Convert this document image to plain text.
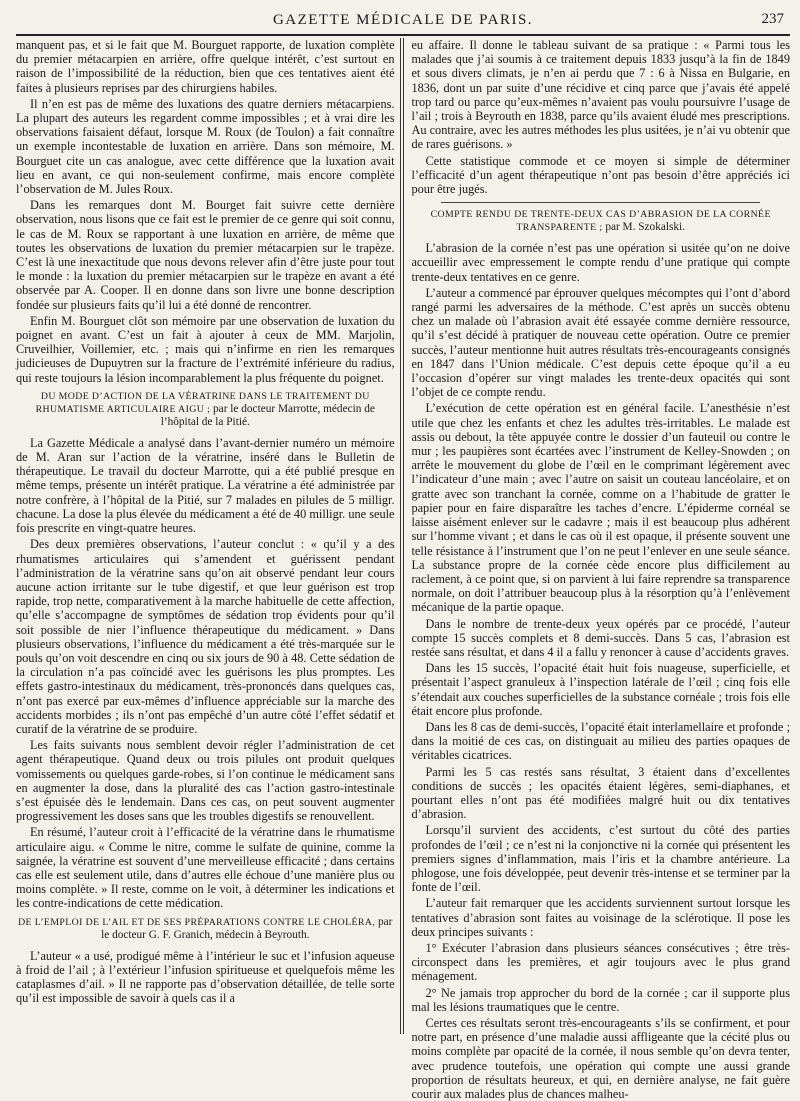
GAZETTE MÉDICALE DE PARIS.	237

manquent pas, et si le fait que M. Bourguet rapporte, de luxation complète du premier métacarpien en arrière, offre quelque intérêt, c’est surtout en raison de l’impossibilité de la réduction, bien que ces tentatives aient été faites à plusieurs reprises par des chirurgiens habiles.

Il n’en est pas de même des luxations des quatre derniers métacarpiens. La plupart des auteurs les regardent comme impossibles ; et à vrai dire les observations faisaient défaut, lorsque M. Roux (de Toulon) a fait connaître un exemple incontestable de luxation en arrière. Dans son mémoire, M. Bourguet cite un cas analogue, avec cette différence que la luxation avait lieu en avant, ce qui non-seulement confirme, mais encore complète l’observation de M. Jules Roux.

Dans les remarques dont M. Bourget fait suivre cette dernière observation, nous lisons que ce fait est le premier de ce genre qui soit connu, le cas de M. Roux se rapportant à une luxation en arrière, de même que toutes les observations de luxation du premier métacarpien sur le trapèze. C’est là une inexactitude que nous devons relever afin d’être juste pour tout le monde : la luxation du premier métacarpien sur le trapèze en avant a été observée par A. Cooper. Il en donne dans son livre une bonne description fondée sur plusieurs faits qu’il lui a été donné de rencontrer.

Enfin M. Bourguet clôt son mémoire par une observation de luxation du poignet en avant. C’est un fait à ajouter à ceux de MM. Marjolin, Cruveilhier, Voillemier, etc. ; mais qui n’infirme en rien les remarques judicieuses de Dupuytren sur la fracture de l’extrémité inférieure du radius, qui reste toujours la lésion incomparablement la plus fréquente du poignet.

DU MODE D’ACTION DE LA VÉRATRINE DANS LE TRAITEMENT DU RHUMATISME ARTICULAIRE AIGU ; par le docteur Marrotte, médecin de l’hôpital de la Pitié.

La Gazette Médicale a analysé dans l’avant-dernier numéro un mémoire de M. Aran sur l’action de la vératrine, inséré dans le Bulletin de thérapeutique. Le travail du docteur Marrotte, qui a été publié presque en même temps, présente un intérêt pratique. La vératrine a été administrée par notre confrère, à l’hôpital de la Pitié, sur 7 malades en pilules de 5 milligr. chacune. La dose la plus élevée du médicament a été de 40 milligr. une seule fois prescrite en vingt-quatre heures.

Des deux premières observations, l’auteur conclut : « qu’il y a des rhumatismes articulaires qui s’amendent et guérissent pendant l’administration de la vératrine sans qu’on ait observé pendant leur cours aucune action irritante sur le tube digestif, et que leur guérison est trop rapide, trop nette, comparativement à la marche habituelle de cette affection, qu’elle s’accompagne de symptômes de sédation trop évidents pour qu’il soit possible de nier l’influence thérapeutique du médicament. » Dans plusieurs observations, l’influence du médicament a été très-marquée sur le pouls qu’on voit descendre en cinq ou six jours de 90 à 48. Cette sédation de la circulation n’a pas coïncidé avec les guérisons les plus promptes. Les effets gastro-intestinaux du médicament, très-prononcés dans quelques cas, n’ont pas exercé par eux-mêmes d’influence appréciable sur la marche des accidents morbides ; ils n’ont pas empêché d’un autre côté l’effet sédatif et curatif de la vératrine de se produire.

Les faits suivants nous semblent devoir régler l’administration de cet agent thérapeutique. Quand deux ou trois pilules ont produit quelques vomissements ou quelques garde-robes, si l’on continue le médicament sans en augmenter la dose, dans la pluralité des cas l’action gastro-intestinale s’est épuisée dès le lendemain. Dans ces cas, on peut souvent augmenter progressivement les doses sans que les troubles digestifs se renouvellent.

En résumé, l’auteur croit à l’efficacité de la vératrine dans le rhumatisme articulaire aigu. « Comme le nitre, comme le sulfate de quinine, comme la saignée, la vératrine est souvent d’une merveilleuse efficacité ; dans certains cas elle est seulement utile, dans d’autres elle échoue d’une manière plus ou moins complète. » Il reste, comme on le voit, à déterminer les indications et les contre-indications de cette médication.

DE L’EMPLOI DE L’AIL ET DE SES PRÉPARATIONS CONTRE LE CHOLÉRA, par le docteur G. F. Granich, médecin à Beyrouth.

L’auteur « a usé, prodigué même à l’intérieur le suc et l’infusion aqueuse à froid de l’ail ; à l’extérieur l’infusion spiritueuse et quelquefois même les cataplasmes d’ail. » Il ne rapporte pas d’observation détaillée, de telle sorte qu’il est impossible de savoir à quels cas il a

eu affaire. Il donne le tableau suivant de sa pratique : « Parmi tous les malades que j’ai soumis à ce traitement depuis 1833 jusqu’à la fin de 1849 et sous divers climats, je n’en ai perdu que 7 : 6 à Nissa en Bulgarie, en 1836, dont un par suite d’une récidive et cinq parce que j’avais été appelé trop tard ou parce qu’eux-mêmes n’avaient pas voulu poursuivre l’usage de l’ail ; trois à Beyrouth en 1838, parce qu’ils avaient éludé mes prescriptions. Au contraire, avec les autres méthodes les plus usitées, je n’ai vu obtenir que de rares guérisons. »

Cette statistique commode et ce moyen si simple de déterminer l’efficacité d’un agent thérapeutique n’ont pas besoin d’être appréciés ici pour être jugés.

COMPTE RENDU DE TRENTE-DEUX CAS D’ABRASION DE LA CORNÉE TRANSPARENTE ; par M. Szokalski.

L’abrasion de la cornée n’est pas une opération si usitée qu’on ne doive accueillir avec empressement le compte rendu d’une pratique qui compte trente-deux tentatives en ce genre.

L’auteur a commencé par éprouver quelques mécomptes qui l’ont d’abord rangé parmi les adversaires de la méthode. C’est après un succès obtenu chez un malade où l’abrasion avait été essayée comme dernière ressource, qu’il s’est décidé à pratiquer de nouveau cette opération. Outre ce premier succès, l’auteur mentionne huit autres résultats très-encourageants consignés en 1847 dans l’Union médicale. C’est depuis cette époque qu’il a eu l’occasion d’opérer sur vingt malades les trente-deux opacités qui sont l’objet de ce compte rendu.

L’exécution de cette opération est en général facile. L’anesthésie n’est utile que chez les enfants et chez les adultes très-irritables. Le malade est assis ou debout, la tête appuyée contre le dossier d’un fauteuil ou contre le mur ; les paupières sont écartées avec l’instrument de Kelley-Snowden ; on arrête le mouvement du globe de l’œil en le comprimant légèrement avec l’indicateur d’une main ; avec l’autre on saisit un couteau lancéolaire, et on gratte avec son tranchant la cornée, comme on a l’habitude de gratter le papier pour en faire disparaître les taches d’encre. L’épiderme cornéal se laisse aisément enlever sur le cadavre ; mais il est beaucoup plus adhérent sur l’homme vivant ; et dans le cas où il est opaque, il présente souvent une telle résistance à l’instrument que l’on ne peut l’enlever en une seule séance. La substance propre de la cornée cède encore plus difficilement au raclement, à ce point que, si on parvient à lui faire reprendre sa transparence normale, on doit l’attribuer beaucoup plus à la résorption qu’à l’enlèvement mécanique de la partie opaque.

Dans le nombre de trente-deux yeux opérés par ce procédé, l’auteur compte 15 succès complets et 8 demi-succès. Dans 5 cas, l’abrasion est restée sans résultat, et dans 4 il a fallu y renoncer à cause d’accidents graves.

Dans les 15 succès, l’opacité était huit fois nuageuse, superficielle, et présentait l’aspect granuleux à l’inspection latérale de l’œil ; cinq fois elle s’étendait aux couches superficielles de la substance cornéale ; trois fois elle était encore plus profonde.

Dans les 8 cas de demi-succès, l’opacité était interlamellaire et profonde ; dans la moitié de ces cas, on distinguait au milieu des parties opaques de véritables cicatrices.

Parmi les 5 cas restés sans résultat, 3 étaient dans d’excellentes conditions de succès ; les opacités étaient légères, semi-diaphanes, et pourtant elles n’ont pas été modifiées malgré huit ou dix tentatives d’abrasion.

Lorsqu’il survient des accidents, c’est surtout du côté des parties profondes de l’œil ; ce n’est ni la conjonctive ni la cornée qui présentent les premiers signes d’inflammation, mais l’iris et la chambre antérieure. La phlogose, une fois développée, peut devenir très-intense et se terminer par la fonte de l’œil.

L’auteur fait remarquer que les accidents surviennent surtout lorsque les tentatives d’abrasion sont faites au voisinage de la sclérotique. Il pose les deux principes suivants :

1° Exécuter l’abrasion dans plusieurs séances consécutives ; être très-circonspect dans les premières, et agir toujours avec le plus grand ménagement.

2° Ne jamais trop approcher du bord de la cornée ; car il supporte plus mal les lésions traumatiques que le centre.

Certes ces résultats seront très-encourageants s’ils se confirment, et pour notre part, en présence d’une maladie aussi affligeante que la cécité plus ou moins complète par opacité de la cornée, il nous semble qu’on devra tenter, avec prudence toutefois, une opération qui compte une aussi grande proportion de résultats heureux, et qui, en dernière analyse, ne fait guère courir aux malades plus de chances malheu-
